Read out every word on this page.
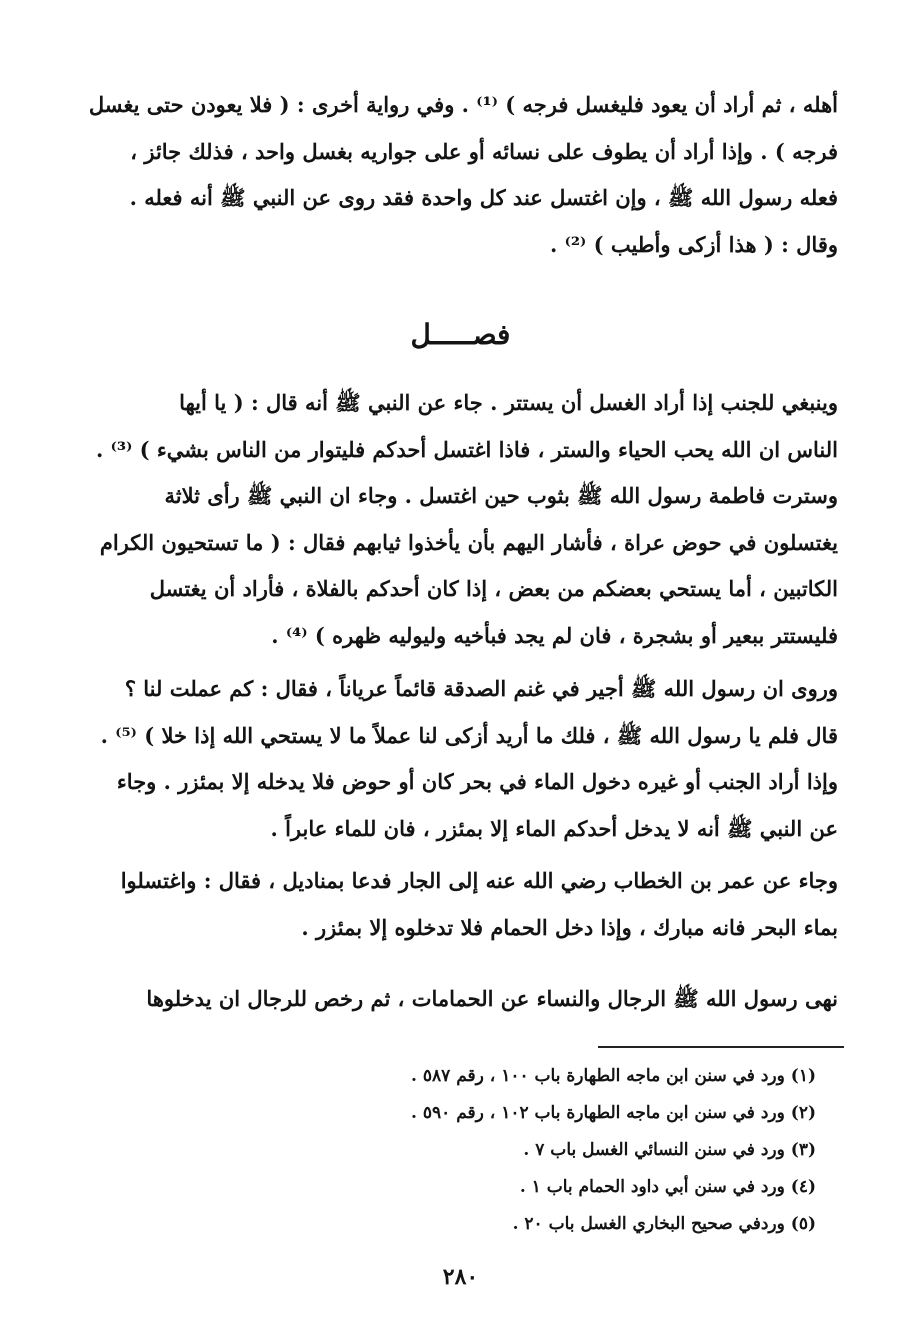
أهله ، ثم أراد أن يعود فليغسل فرجه ) ⁽¹⁾ . وفي رواية أخرى : ( فلا يعودن حتى يغسل
فرجه ) . وإذا أراد أن يطوف على نسائه أو على جواريه بغسل واحد ، فذلك جائز ،
فعله رسول الله ﷺ ، وإن اغتسل عند كل واحدة فقد روى عن النبي ﷺ أنه فعله .
وقال : ( هذا أزكى وأطيب ) ⁽²⁾ .
فصـــــل
وينبغي للجنب إذا أراد الغسل أن يستتر . جاء عن النبي ﷺ أنه قال : ( يا أيها
الناس ان الله يحب الحياء والستر ، فاذا اغتسل أحدكم فليتوار من الناس بشيء ) ⁽³⁾ .
وسترت فاطمة رسول الله ﷺ بثوب حين اغتسل . وجاء ان النبي ﷺ رأى ثلاثة
يغتسلون في حوض عراة ، فأشار اليهم بأن يأخذوا ثيابهم فقال : ( ما تستحيون الكرام
الكاتبين ، أما يستحي بعضكم من بعض ، إذا كان أحدكم بالفلاة ، فأراد أن يغتسل
فليستتر ببعير أو بشجرة ، فان لم يجد فبأخيه وليوليه ظهره ) ⁽⁴⁾ .
وروى ان رسول الله ﷺ أجير في غنم الصدقة قائماً عرياناً ، فقال : كم عملت لنا ؟
قال فلم يا رسول الله ﷺ ، فلك ما أريد أزكى لنا عملاً ما لا يستحي الله إذا خلا ) ⁽⁵⁾ .
وإذا أراد الجنب أو غيره دخول الماء في بحر كان أو حوض فلا يدخله إلا بمئزر . وجاء
عن النبي ﷺ أنه لا يدخل أحدكم الماء إلا بمئزر ، فان للماء عابراً .
وجاء عن عمر بن الخطاب رضي الله عنه إلى الجار فدعا بمناديل ، فقال : واغتسلوا
بماء البحر فانه مبارك ، وإذا دخل الحمام فلا تدخلوه إلا بمئزر .
نهى رسول الله ﷺ الرجال والنساء عن الحمامات ، ثم رخص للرجال ان يدخلوها
(١) ورد في سنن ابن ماجه الطهارة باب ١٠٠ ، رقم ٥٨٧ .
(٢) ورد في سنن ابن ماجه الطهارة باب ١٠٢ ، رقم ٥٩٠ .
(٣) ورد في سنن النسائي الغسل باب ٧ .
(٤) ورد في سنن أبي داود الحمام باب ١ .
(٥) وردفي صحيح البخاري الغسل باب ٢٠ .
٢٨٠
